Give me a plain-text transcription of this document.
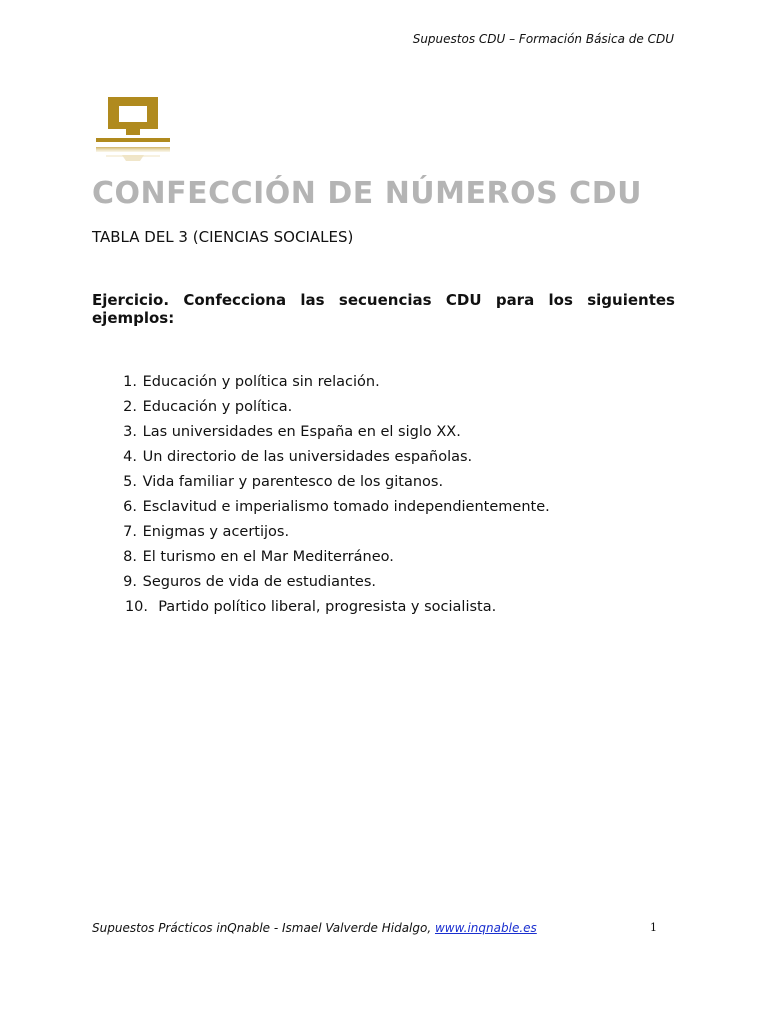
Supuestos CDU – Formación Básica de CDU
CONFECCIÓN DE NÚMEROS CDU
TABLA DEL 3 (CIENCIAS SOCIALES)
Ejercicio. Confecciona las secuencias CDU para los siguientes ejemplos:
1. Educación y política sin relación.
2. Educación y política.
3. Las universidades en España en el siglo XX.
4. Un directorio de las universidades españolas.
5. Vida familiar y parentesco de los gitanos.
6. Esclavitud e imperialismo tomado independientemente.
7. Enigmas y acertijos.
8. El turismo en el Mar Mediterráneo.
9. Seguros de vida de estudiantes.
10. Partido político liberal, progresista y socialista.
Supuestos Prácticos inQnable - Ismael Valverde Hidalgo, www.inqnable.es	1
